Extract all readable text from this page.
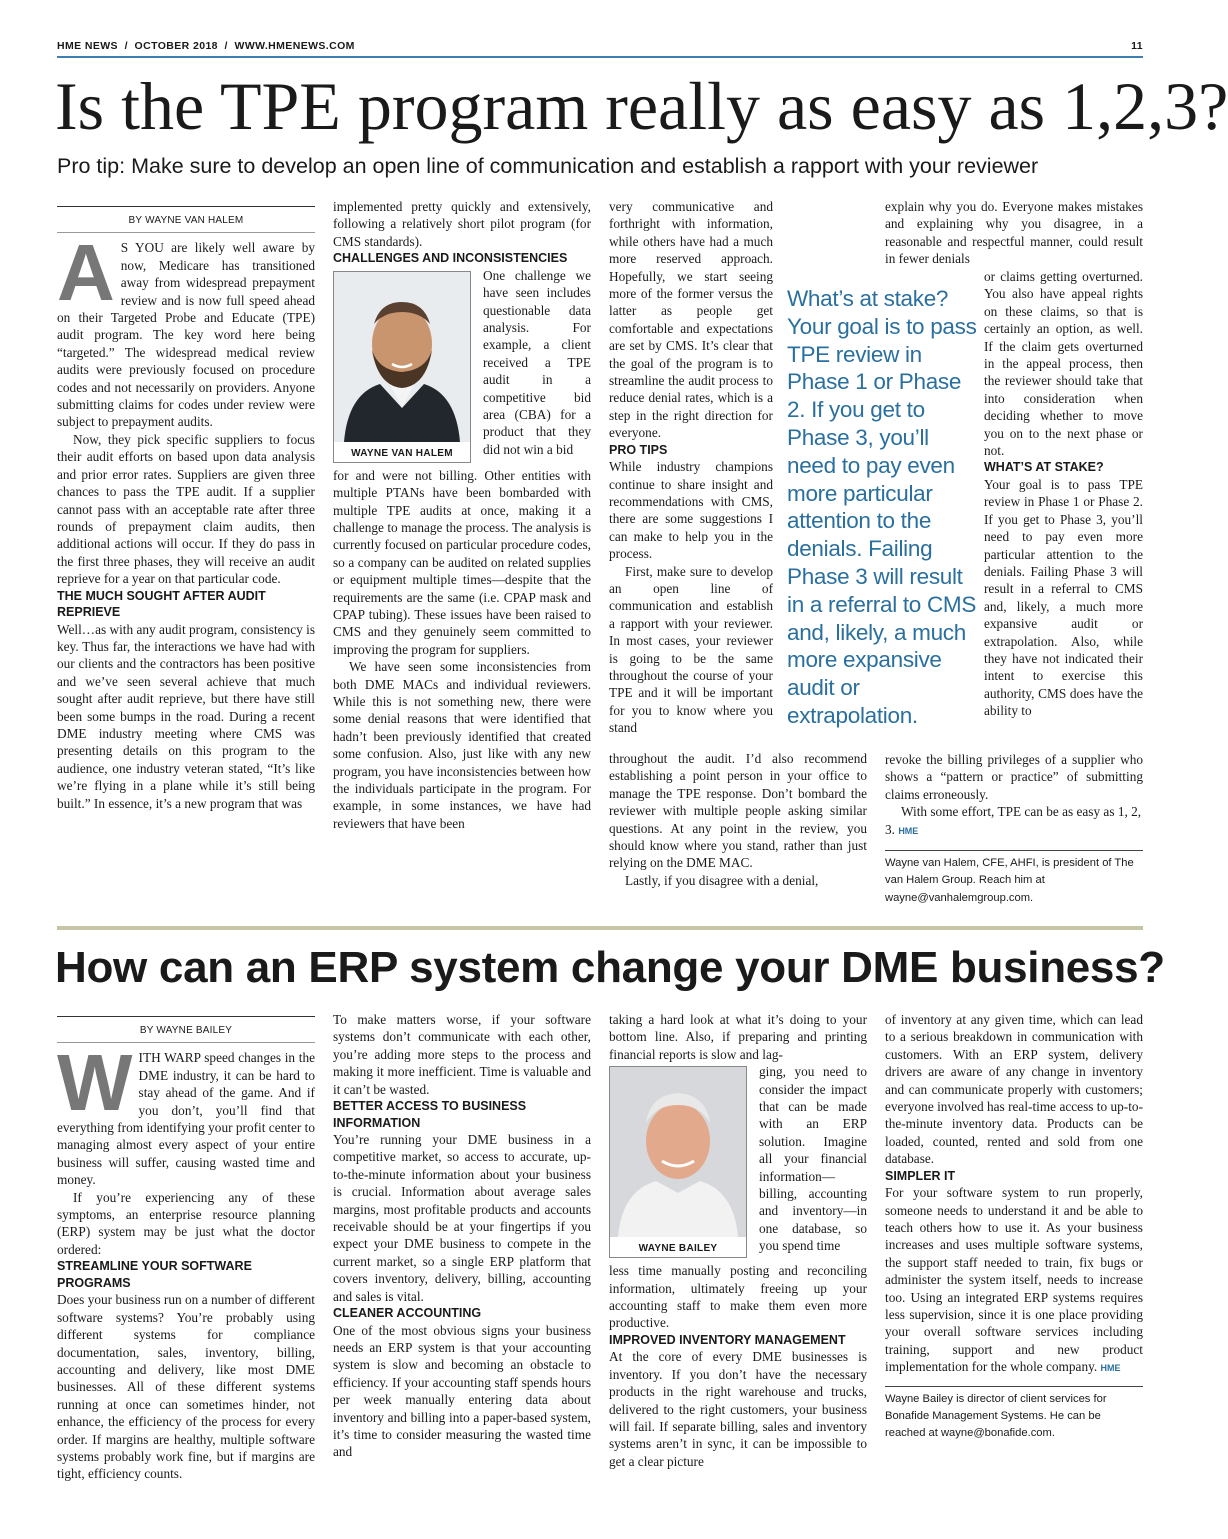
HME NEWS  /  OCTOBER 2018  /  WWW.HMENEWS.COM	11
Is the TPE program really as easy as 1,2,3?
Pro tip: Make sure to develop an open line of communication and establish a rapport with your reviewer
BY WAYNE VAN HALEM
A S YOU are likely well aware by now, Medicare has transitioned away from widespread prepayment review and is now full speed ahead on their Targeted Probe and Educate (TPE) audit program. The key word here being “targeted.” The widespread medical review audits were previously focused on procedure codes and not necessarily on providers. Anyone submitting claims for codes under review were subject to prepayment audits.

Now, they pick specific suppliers to focus their audit efforts on based upon data analysis and prior error rates. Suppliers are given three chances to pass the TPE audit. If a supplier cannot pass with an acceptable rate after three rounds of prepayment claim audits, then additional actions will occur. If they do pass in the first three phases, they will receive an audit reprieve for a year on that particular code.

THE MUCH SOUGHT AFTER AUDIT REPRIEVE

Well…as with any audit program, consistency is key. Thus far, the interactions we have had with our clients and the contractors has been positive and we’ve seen several achieve that much sought after audit reprieve, but there have still been some bumps in the road. During a recent DME industry meeting where CMS was presenting details on this program to the audience, one industry veteran stated, “It’s like we’re flying in a plane while it’s still being built.” In essence, it’s a new program that was

implemented pretty quickly and extensively, following a relatively short pilot program (for CMS standards).

CHALLENGES AND INCONSISTENCIES
WAYNE VAN HALEM

One challenge we have seen includes questionable data analysis. For example, a client received a TPE audit in a competitive bid area (CBA) for a product that they did not win a bid

for and were not billing. Other entities with multiple PTANs have been bombarded with multiple TPE audits at once, making it a challenge to manage the process. The analysis is currently focused on particular procedure codes, so a company can be audited on related supplies or equipment multiple times—despite that the requirements are the same (i.e. CPAP mask and CPAP tubing). These issues have been raised to CMS and they genuinely seem committed to improving the program for suppliers.

We have seen some inconsistencies from both DME MACs and individual reviewers. While this is not something new, there were some denial reasons that were identified that hadn’t been previously identified that created some confusion. Also, just like with any new program, you have inconsistencies between how the individuals participate in the program. For example, in some instances, we have had reviewers that have been

very communicative and forthright with information, while others have had a much more reserved approach. Hopefully, we start seeing more of the former versus the latter as people get comfortable and expectations are set by CMS. It’s clear that the goal of the program is to streamline the audit process to reduce denial rates, which is a step in the right direction for everyone.

PRO TIPS

While industry champions continue to share insight and recommendations with CMS, there are some suggestions I can make to help you in the process.

First, make sure to develop an open line of communication and establish a rapport with your reviewer. In most cases, your reviewer is going to be the same throughout the course of your TPE and it will be important for you to know where you stand

throughout the audit. I’d also recommend establishing a point person in your office to manage the TPE response. Don’t bombard the reviewer with multiple people asking similar questions. At any point in the review, you should know where you stand, rather than just relying on the DME MAC.

Lastly, if you disagree with a denial,

What’s at stake? Your goal is to pass TPE review in Phase 1 or Phase 2. If you get to Phase 3, you’ll need to pay even more particular attention to the denials. Failing Phase 3 will result in a referral to CMS and, likely, a much more expansive audit or extrapolation.

explain why you do. Everyone makes mistakes and explaining why you disagree, in a reasonable and respectful manner, could result in fewer denials

or claims getting overturned. You also have appeal rights on these claims, so that is certainly an option, as well. If the claim gets overturned in the appeal process, then the reviewer should take that into consideration when deciding whether to move you on to the next phase or not.

WHAT’S AT STAKE?

Your goal is to pass TPE review in Phase 1 or Phase 2. If you get to Phase 3, you’ll need to pay even more particular attention to the denials. Failing Phase 3 will result in a referral to CMS and, likely, a much more expansive audit or extrapolation. Also, while they have not indicated their intent to exercise this authority, CMS does have the ability to

revoke the billing privileges of a supplier who shows a “pattern or practice” of submitting claims erroneously.

With some effort, TPE can be as easy as 1, 2, 3. HME

Wayne van Halem, CFE, AHFI, is president of The van Halem Group. Reach him at wayne@vanhalemgroup.com.
How can an ERP system change your DME business?
BY WAYNE BAILEY
W ITH WARP speed changes in the DME industry, it can be hard to stay ahead of the game. And if you don’t, you’ll find that everything from identifying your profit center to managing almost every aspect of your entire business will suffer, causing wasted time and money.

If you’re experiencing any of these symptoms, an enterprise resource planning (ERP) system may be just what the doctor ordered:

STREAMLINE YOUR SOFTWARE PROGRAMS

Does your business run on a number of different software systems? You’re probably using different systems for compliance documentation, sales, inventory, billing, accounting and delivery, like most DME businesses. All of these different systems running at once can sometimes hinder, not enhance, the efficiency of the process for every order. If margins are healthy, multiple software systems probably work fine, but if margins are tight, efficiency counts.

To make matters worse, if your software systems don’t communicate with each other, you’re adding more steps to the process and making it more inefficient. Time is valuable and it can’t be wasted.

BETTER ACCESS TO BUSINESS INFORMATION

You’re running your DME business in a competitive market, so access to accurate, up-to-the-minute information about your business is crucial. Information about average sales margins, most profitable products and accounts receivable should be at your fingertips if you expect your DME business to compete in the current market, so a single ERP platform that covers inventory, delivery, billing, accounting and sales is vital.

CLEANER ACCOUNTING

One of the most obvious signs your business needs an ERP system is that your accounting system is slow and becoming an obstacle to efficiency. If your accounting staff spends hours per week manually entering data about inventory and billing into a paper-based system, it’s time to consider measuring the wasted time and

taking a hard look at what it’s doing to your bottom line. Also, if preparing and printing financial reports is slow and lag-

WAYNE BAILEY

ging, you need to consider the impact that can be made with an ERP solution. Imagine all your financial information—billing, accounting and inventory—in one database, so you spend time

less time manually posting and reconciling information, ultimately freeing up your accounting staff to make them even more productive.

IMPROVED INVENTORY MANAGEMENT

At the core of every DME businesses is inventory. If you don’t have the necessary products in the right warehouse and trucks, delivered to the right customers, your business will fail. If separate billing, sales and inventory systems aren’t in sync, it can be impossible to get a clear picture

of inventory at any given time, which can lead to a serious breakdown in communication with customers. With an ERP system, delivery drivers are aware of any change in inventory and can communicate properly with customers; everyone involved has real-time access to up-to-the-minute inventory data. Products can be loaded, counted, rented and sold from one database.

SIMPLER IT

For your software system to run properly, someone needs to understand it and be able to teach others how to use it. As your business increases and uses multiple software systems, the support staff needed to train, fix bugs or administer the system itself, needs to increase too. Using an integrated ERP systems requires less supervision, since it is one place providing your overall software services including training, support and new product implementation for the whole company. HME

Wayne Bailey is director of client services for Bonafide Management Systems. He can be reached at wayne@bonafide.com.
